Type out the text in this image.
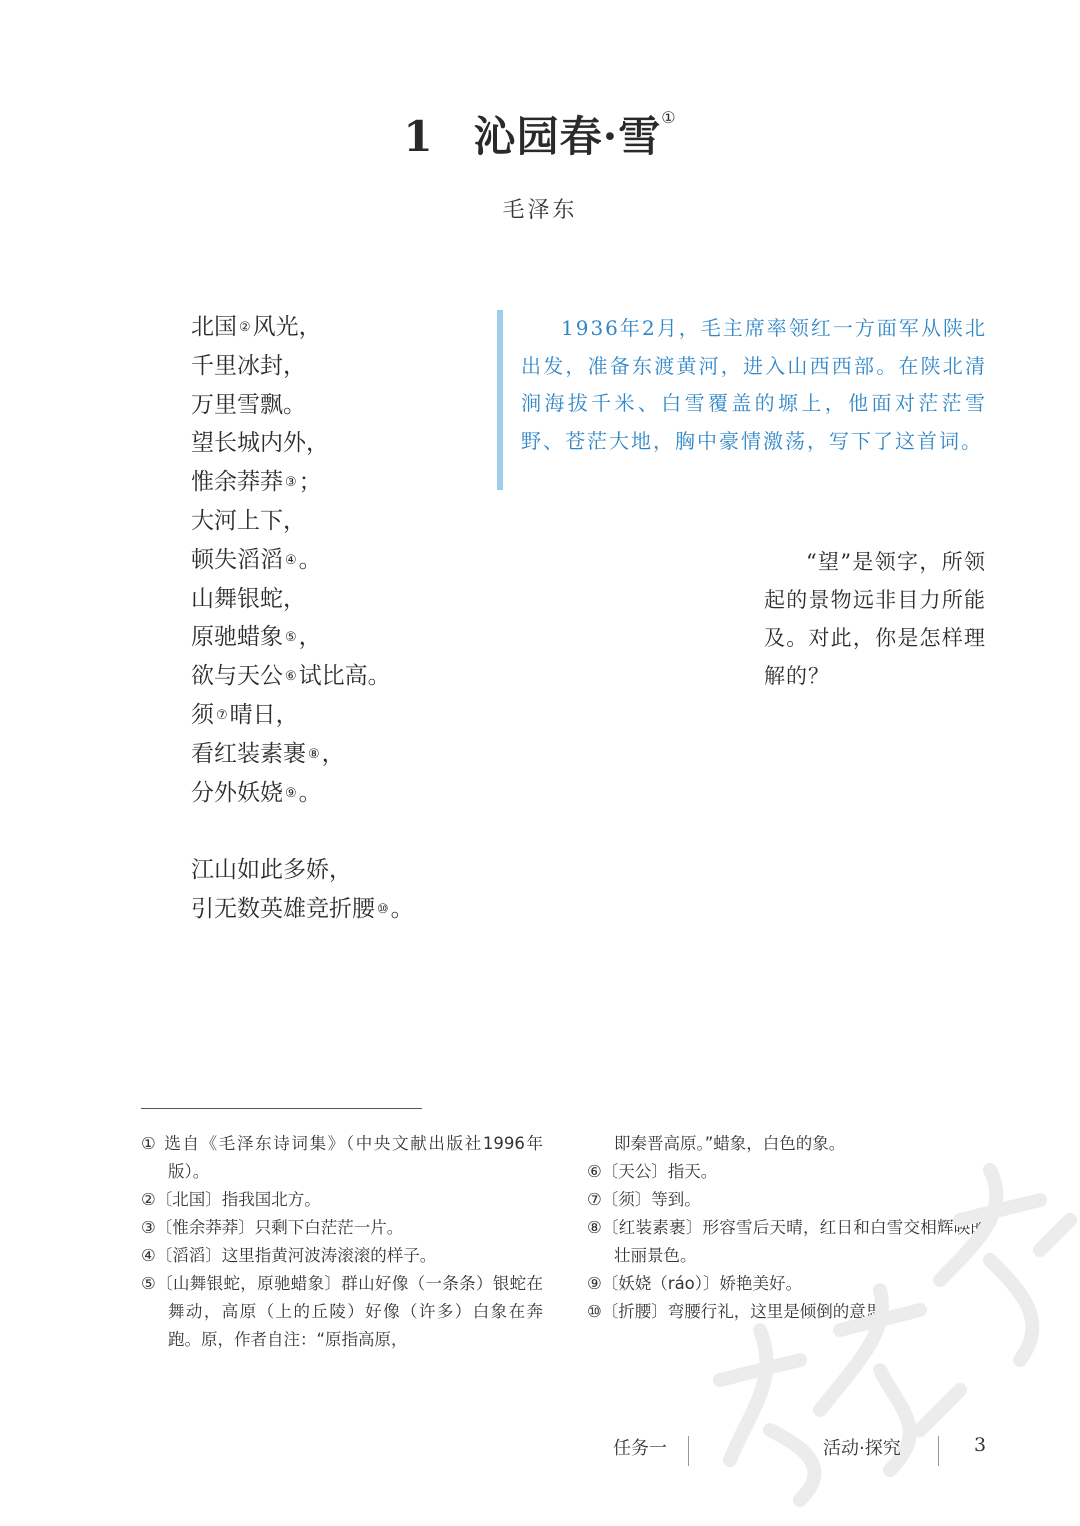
1 沁园春·雪①
毛泽东
北国 ②风光，
千里冰封，
万里雪飘。
望长城内外，
惟余莽莽 ③；
大河上下，
顿失滔滔 ④。
山舞银蛇，
原驰蜡象 ⑤，
欲与天公 ⑥试比高。
须 ⑦晴日，
看红装素裹 ⑧，
分外妖娆 ⑨。
江山如此多娇，
引无数英雄竞折腰 ⑩。

1936年2月，毛主席率领红一方面军从陕北出发，准备东渡黄河，进入山西西部。在陕北清涧海拔千米、白雪覆盖的塬上，他面对茫茫雪野、苍茫大地，胸中豪情激荡，写下了这首词。

“望”是领字，所领起的景物远非目力所能及。对此，你是怎样理解的？

① 选自《毛泽东诗词集》（中央文献出版社1996年版）。
②〔北国〕指我国北方。
③〔惟余莽莽〕只剩下白茫茫一片。
④〔滔滔〕这里指黄河波涛滚滚的样子。
⑤〔山舞银蛇，原驰蜡象〕群山好像（一条条）银蛇在舞动，高原（上的丘陵）好像（许多）白象在奔跑。原，作者自注：“原指高原，
即秦晋高原。”蜡象，白色的象。
⑥〔天公〕指天。
⑦〔须〕等到。
⑧〔红装素裹〕形容雪后天晴，红日和白雪交相辉映的壮丽景色。
⑨〔妖娆（ráo）〕娇艳美好。
⑩〔折腰〕弯腰行礼，这里是倾倒的意思。
任务一	活动·探究	3
